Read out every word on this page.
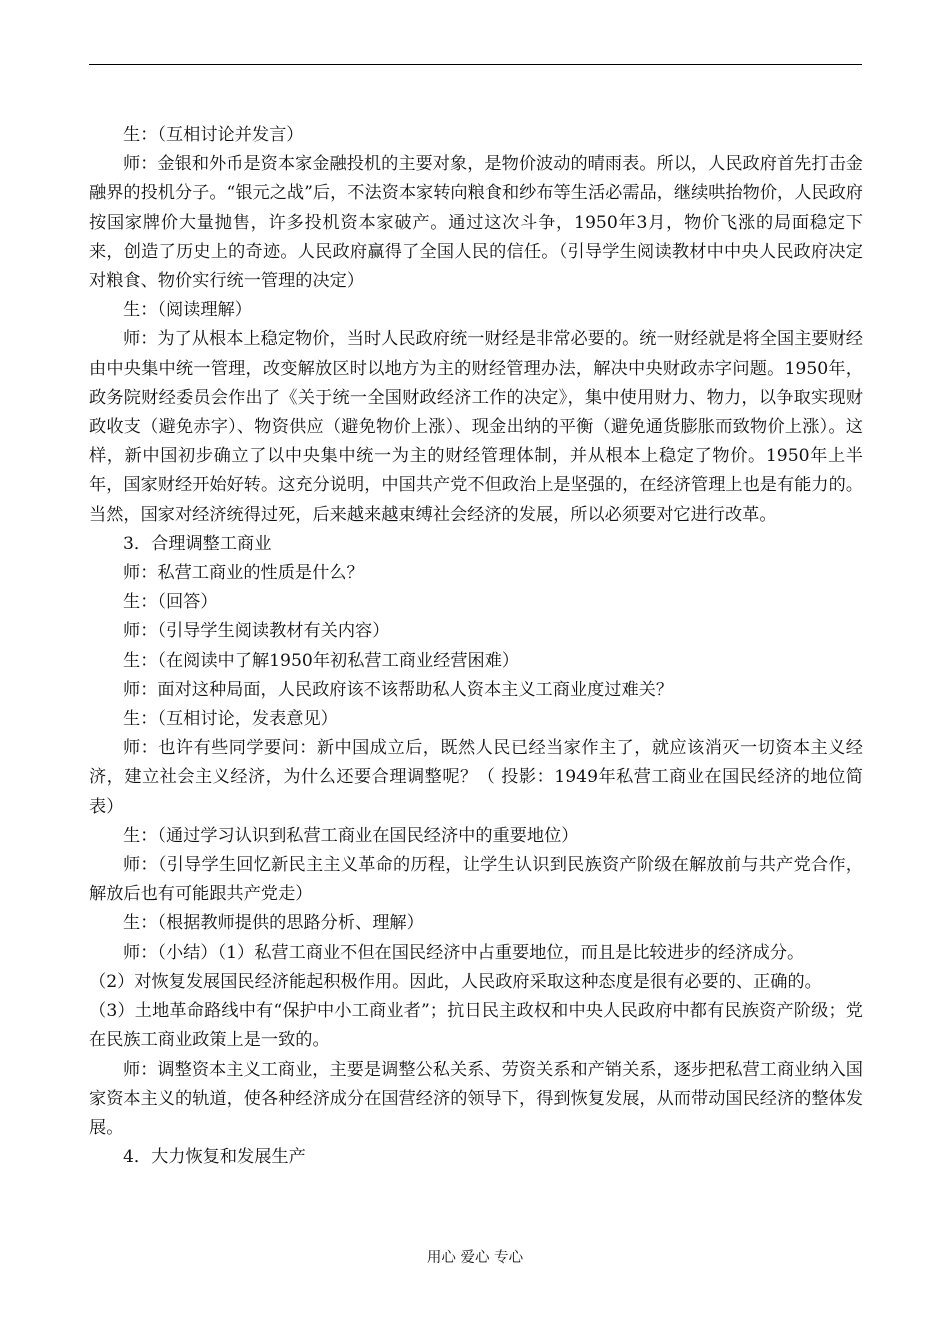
生：（互相讨论并发言）

师：金银和外币是资本家金融投机的主要对象，是物价波动的晴雨表。所以，人民政府首先打击金融界的投机分子。“银元之战”后，不法资本家转向粮食和纱布等生活必需品，继续哄抬物价，人民政府按国家牌价大量抛售，许多投机资本家破产。通过这次斗争，1950年3月，物价飞涨的局面稳定下来，创造了历史上的奇迹。人民政府赢得了全国人民的信任。（引导学生阅读教材中中央人民政府决定对粮食、物价实行统一管理的决定）

生：（阅读理解）

师：为了从根本上稳定物价，当时人民政府统一财经是非常必要的。统一财经就是将全国主要财经由中央集中统一管理，改变解放区时以地方为主的财经管理办法，解决中央财政赤字问题。1950年，政务院财经委员会作出了《关于统一全国财政经济工作的决定》，集中使用财力、物力，以争取实现财政收支（避免赤字）、物资供应（避免物价上涨）、现金出纳的平衡（避免通货膨胀而致物价上涨）。这样，新中国初步确立了以中央集中统一为主的财经管理体制，并从根本上稳定了物价。1950年上半年，国家财经开始好转。这充分说明，中国共产党不但政治上是坚强的，在经济管理上也是有能力的。当然，国家对经济统得过死，后来越来越束缚社会经济的发展，所以必须要对它进行改革。

3．合理调整工商业

师：私营工商业的性质是什么？

生：（回答）

师：（引导学生阅读教材有关内容）

生：（在阅读中了解1950年初私营工商业经营困难）

师：面对这种局面，人民政府该不该帮助私人资本主义工商业度过难关？

生：（互相讨论，发表意见）

师：也许有些同学要问：新中国成立后，既然人民已经当家作主了，就应该消灭一切资本主义经济，建立社会主义经济，为什么还要合理调整呢？（ 投影：1949年私营工商业在国民经济的地位简表）

生：（通过学习认识到私营工商业在国民经济中的重要地位）

师：（引导学生回忆新民主主义革命的历程，让学生认识到民族资产阶级在解放前与共产党合作，解放后也有可能跟共产党走）

生：（根据教师提供的思路分析、理解）

师：（小结）（1）私营工商业不但在国民经济中占重要地位，而且是比较进步的经济成分。

（2）对恢复发展国民经济能起积极作用。因此，人民政府采取这种态度是很有必要的、正确的。

（3）土地革命路线中有“保护中小工商业者”；抗日民主政权和中央人民政府中都有民族资产阶级；党在民族工商业政策上是一致的。

师：调整资本主义工商业，主要是调整公私关系、劳资关系和产销关系，逐步把私营工商业纳入国家资本主义的轨道，使各种经济成分在国营经济的领导下，得到恢复发展，从而带动国民经济的整体发展。

4．大力恢复和发展生产

用心 爱心 专心
